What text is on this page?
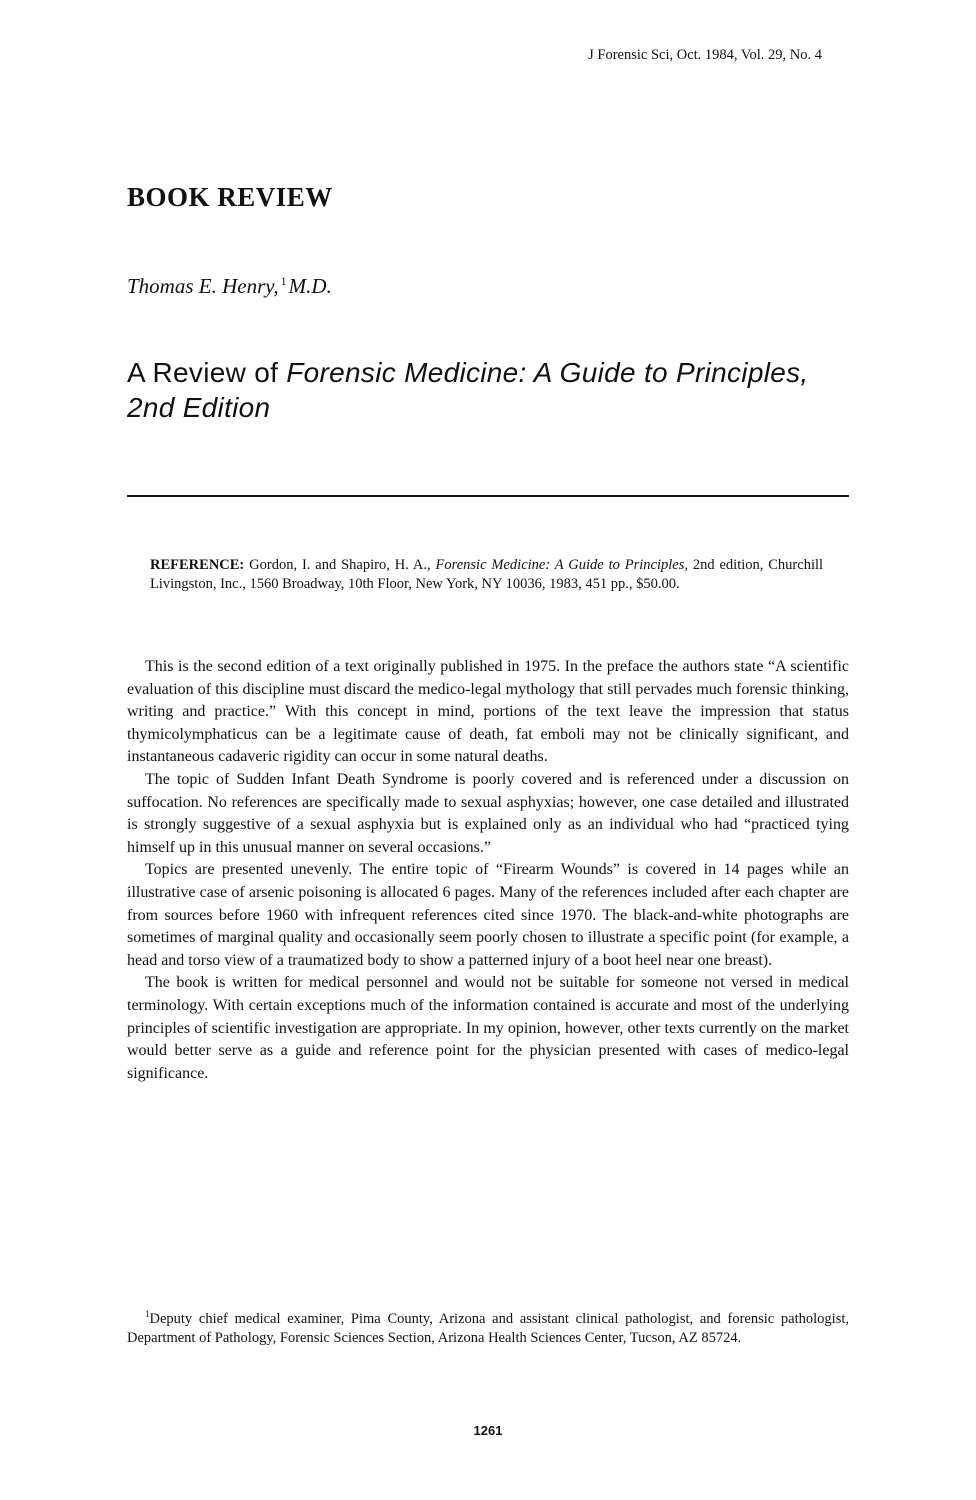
J Forensic Sci, Oct. 1984, Vol. 29, No. 4
BOOK REVIEW

Thomas E. Henry, $^1$M.D.

A Review of Forensic Medicine: A Guide to Principles, 2nd Edition

REFERENCE: Gordon, I. and Shapiro, H. A., Forensic Medicine: A Guide to Principles, 2nd edition, Churchill Livingston, Inc., 1560 Broadway, 10th Floor, New York, NY 10036, 1983, 451 pp., $50.00.

This is the second edition of a text originally published in 1975. In the preface the authors state “A scientific evaluation of this discipline must discard the medico-legal mythology that still pervades much forensic thinking, writing and practice.” With this concept in mind, portions of the text leave the impression that status thymicolymphaticus can be a legitimate cause of death, fat emboli may not be clinically significant, and instantaneous cadaveric rigidity can occur in some natural deaths.

The topic of Sudden Infant Death Syndrome is poorly covered and is referenced under a discussion on suffocation. No references are specifically made to sexual asphyxias; however, one case detailed and illustrated is strongly suggestive of a sexual asphyxia but is explained only as an individual who had “practiced tying himself up in this unusual manner on several occasions.”

Topics are presented unevenly. The entire topic of “Firearm Wounds” is covered in 14 pages while an illustrative case of arsenic poisoning is allocated 6 pages. Many of the references included after each chapter are from sources before 1960 with infrequent references cited since 1970. The black-and-white photographs are sometimes of marginal quality and occasionally seem poorly chosen to illustrate a specific point (for example, a head and torso view of a traumatized body to show a patterned injury of a boot heel near one breast).

The book is written for medical personnel and would not be suitable for someone not versed in medical terminology. With certain exceptions much of the information contained is accurate and most of the underlying principles of scientific investigation are appropriate. In my opinion, however, other texts currently on the market would better serve as a guide and reference point for the physician presented with cases of medico-legal significance.

$^1$Deputy chief medical examiner, Pima County, Arizona and assistant clinical pathologist, and forensic pathologist, Department of Pathology, Forensic Sciences Section, Arizona Health Sciences Center, Tucson, AZ 85724.

1261
